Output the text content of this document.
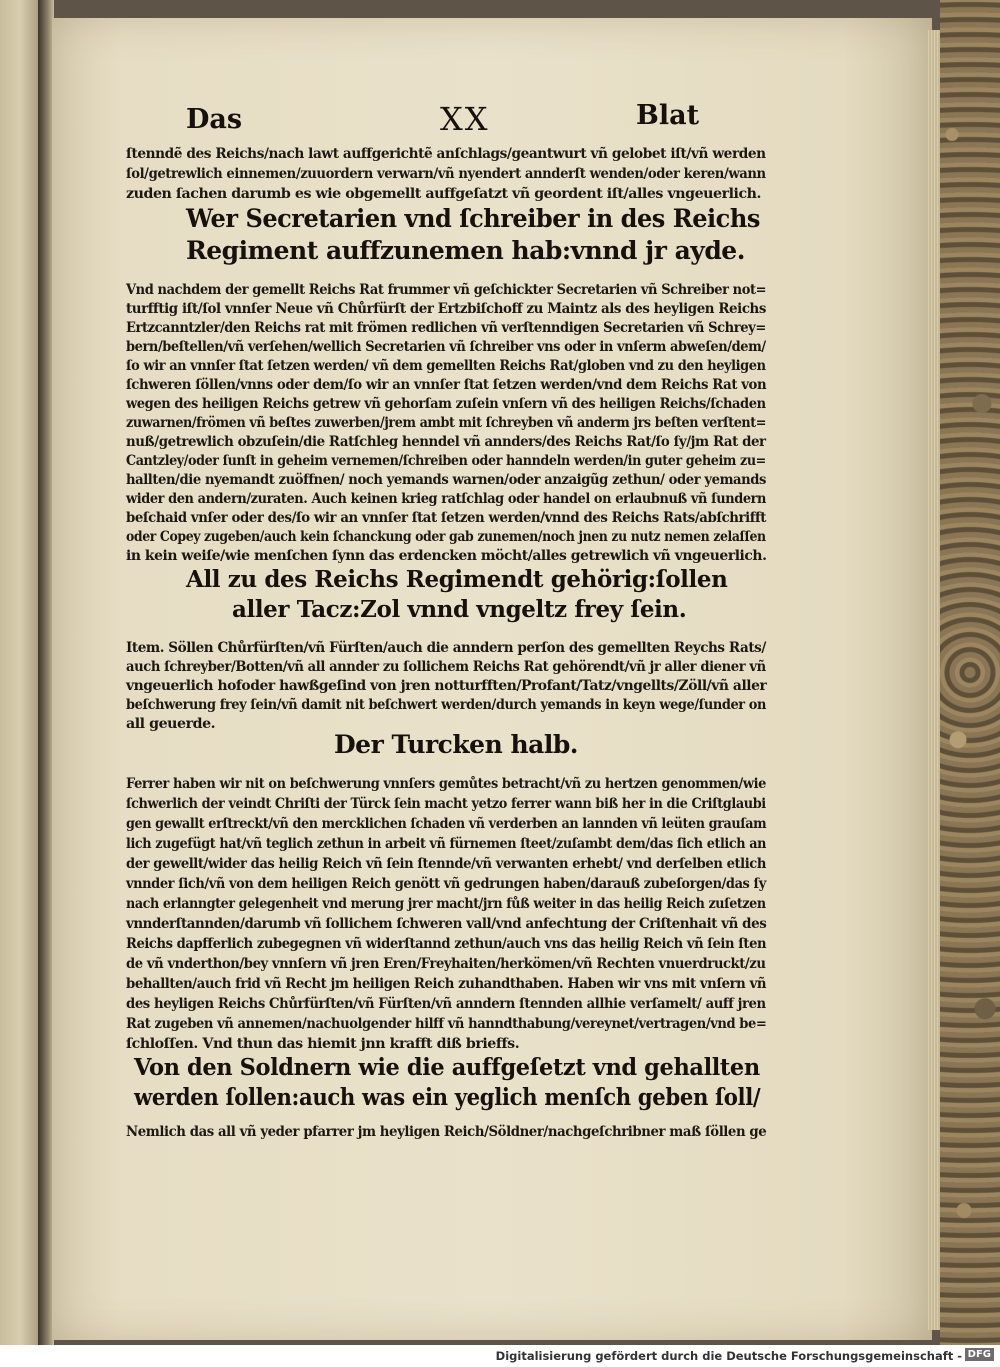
Das	XX	Blat

ſtenndẽ des Reichs/nach lawt auffgerichtẽ anſchlags/geantwurt vñ gelobet iſt/vñ werden

ſol/getrewlich einnemen/zuuordern verwarn/vñ nyendert annderſt wenden/oder keren/wann

zuden ſachen darumb es wie obgemellt auffgeſatzt vñ geordent iſt/alles vngeuerlich.

Wer Secretarien vnd ſchreiber in des Reichs
Regiment auffzunemen hab:vnnd jr ayde.

Vnd nachdem der gemellt Reichs Rat frummer vñ geſchickter Secretarien vñ Schreiber not=

turfftig iſt/ſol vnnſer Neue vñ Chůrfürſt der Ertzbiſchoff zu Maintz als des heyligen Reichs

Ertzcanntzler/den Reichs rat mit frömen redlichen vñ verſtenndigen Secretarien vñ Schrey=

bern/beſtellen/vñ verſehen/wellich Secretarien vñ ſchreiber vns oder in vnſerm abweſen/dem/

ſo wir an vnnſer ſtat ſetzen werden/ vñ dem gemellten Reichs Rat/globen vnd zu den heyligen

ſchweren ſöllen/vnns oder dem/ſo wir an vnnſer ſtat ſetzen werden/vnd dem Reichs Rat von

wegen des heiligen Reichs getrew vñ gehorſam zuſein vnſern vñ des heiligen Reichs/ſchaden

zuwarnen/frömen vñ beſtes zuwerben/jrem ambt mit ſchreyben vñ anderm jrs beſten verſtent=

nuß/getrewlich obzuſein/die Ratſchleg henndel vñ annders/des Reichs Rat/ſo ſy/jm Rat der

Cantzley/oder ſunſt in geheim vernemen/ſchreiben oder hanndeln werden/in guter geheim zu=

hallten/die nyemandt zuöffnen/ noch yemands warnen/oder anzaigũg zethun/ oder yemands

wider den andern/zuraten. Auch keinen krieg ratſchlag oder handel on erlaubnuß vñ ſundern

beſchaid vnſer oder des/ſo wir an vnnſer ſtat ſetzen werden/vnnd des Reichs Rats/abſchrifft

oder Copey zugeben/auch kein ſchanckung oder gab zunemen/noch jnen zu nutz nemen zelaſſen

in kein weiſe/wie menſchen ſynn das erdencken möcht/alles getrewlich vñ vngeuerlich.

All zu des Reichs Regimendt gehörig:ſollen
aller Tacz:Zol vnnd vngeltz frey ſein.

Item. Söllen Chůrfürſten/vñ Fürſten/auch die anndern perſon des gemellten Reychs Rats/

auch ſchreyber/Botten/vñ all annder zu ſollichem Reichs Rat gehörendt/vñ jr aller diener vñ

vngeuerlich hofoder hawßgeſind von jren notturfften/Profant/Tatz/vngellts/Zöll/vñ aller

beſchwerung frey ſein/vñ damit nit beſchwert werden/durch yemands in keyn wege/ſunder on

all geuerde.

Der Turcken halb.

Ferrer haben wir nit on beſchwerung vnnſers gemůtes betracht/vñ zu hertzen genommen/wie

ſchwerlich der veindt Chriſti der Türck ſein macht yetzo ferrer wann biß her in die Criſtglaubi

gen gewallt erſtreckt/vñ den mercklichen ſchaden vñ verderben an lannden vñ leüten grauſam

lich zugefügt hat/vñ teglich zethun in arbeit vñ fürnemen ſteet/zuſambt dem/das ſich etlich an

der gewellt/wider das heilig Reich vñ ſein ſtennde/vñ verwanten erhebt/ vnd derſelben etlich

vnnder ſich/vñ von dem heiligen Reich genött vñ gedrungen haben/darauß zubeſorgen/das ſy

nach erlanngter gelegenheit vnd merung jrer macht/jrn fůß weiter in das heilig Reich zuſetzen

vnnderſtannden/darumb vñ ſollichem ſchweren vall/vnd anfechtung der Criſtenhait vñ des

Reichs dapfferlich zubegegnen vñ widerſtannd zethun/auch vns das heilig Reich vñ ſein ſten

de vñ vnderthon/bey vnnſern vñ jren Eren/Freyhaiten/herkömen/vñ Rechten vnuerdruckt/zu

behallten/auch frid vñ Recht jm heiligen Reich zuhandthaben. Haben wir vns mit vnſern vñ

des heyligen Reichs Chůrfürſten/vñ Fürſten/vñ anndern ſtennden allhie verſamelt/ auff jren

Rat zugeben vñ annemen/nachuolgender hilff vñ hanndthabung/vereynet/vertragen/vnd be=

ſchloſſen. Vnd thun das hiemit jnn krafft diß brieffs.

Von den Soldnern wie die auffgeſetzt vnd gehallten
werden ſollen:auch was ein yeglich menſch geben ſoll/

Nemlich das all vñ yeder pfarrer jm heyligen Reich/Söldner/nachgeſchribner maß ſöllen ge

Digitalisierung gefördert durch die Deutsche Forschungsgemeinschaft - DFG
